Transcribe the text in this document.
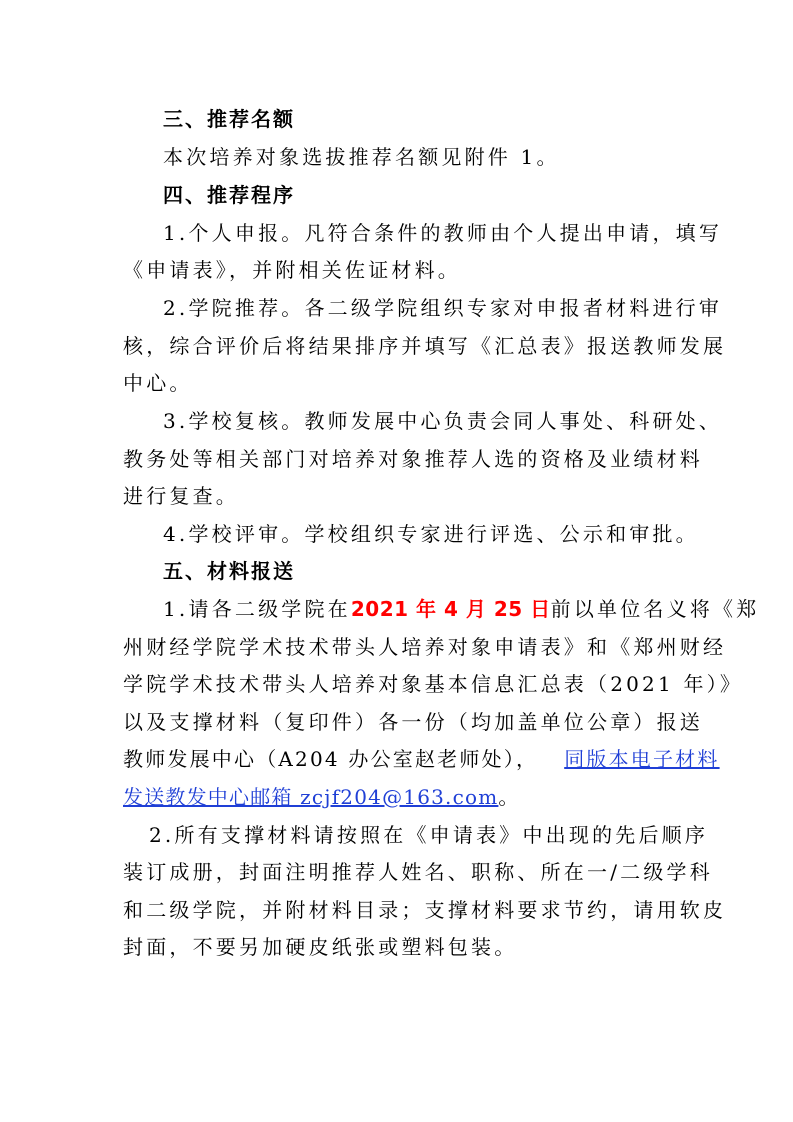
三、推荐名额
本次培养对象选拔推荐名额见附件 1。
四、推荐程序
1.个人申报。凡符合条件的教师由个人提出申请，填写
《申请表》，并附相关佐证材料。
2.学院推荐。各二级学院组织专家对申报者材料进行审
核，综合评价后将结果排序并填写《汇总表》报送教师发展
中心。
3.学校复核。教师发展中心负责会同人事处、科研处、
教务处等相关部门对培养对象推荐人选的资格及业绩材料
进行复查。
4.学校评审。学校组织专家进行评选、公示和审批。
五、材料报送
1.请各二级学院在2021 年 4 月 25 日前以单位名义将《郑
州财经学院学术技术带头人培养对象申请表》和《郑州财经
学院学术技术带头人培养对象基本信息汇总表（2021 年）》
以及支撑材料（复印件）各一份（均加盖单位公章）报送
教师发展中心（A204 办公室赵老师处）， 同版本电子材料
发送教发中心邮箱 zcjf204@163.com。
2.所有支撑材料请按照在《申请表》中出现的先后顺序
装订成册，封面注明推荐人姓名、职称、所在一/二级学科
和二级学院，并附材料目录；支撑材料要求节约，请用软皮
封面，不要另加硬皮纸张或塑料包装。
